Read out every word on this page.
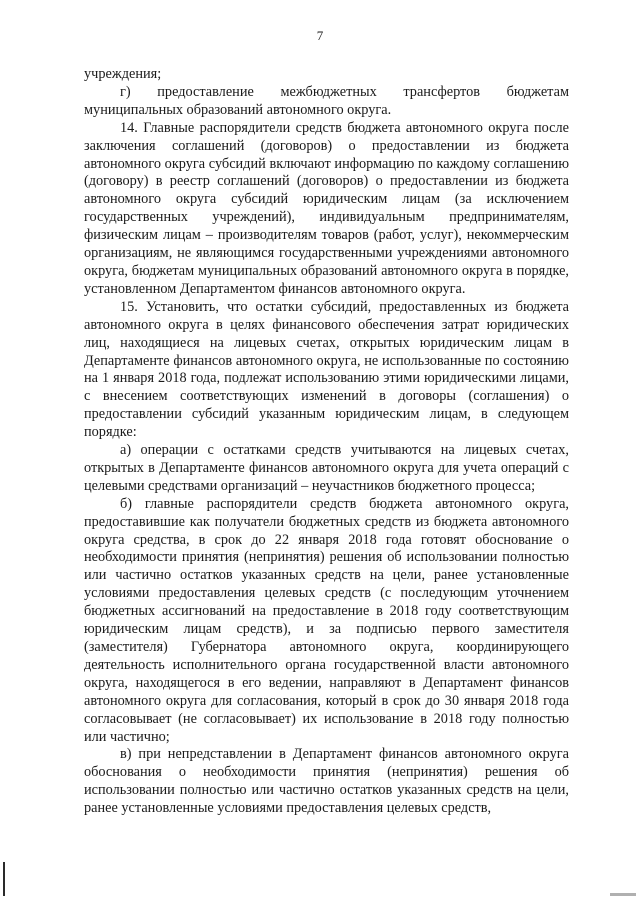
7

учреждения;

г) предоставление межбюджетных трансфертов бюджетам муниципальных образований автономного округа.

14. Главные распорядители средств бюджета автономного округа после заключения соглашений (договоров) о предоставлении из бюджета автономного округа субсидий включают информацию по каждому соглашению (договору) в реестр соглашений (договоров) о предоставлении из бюджета автономного округа субсидий юридическим лицам (за исключением государственных учреждений), индивидуальным предпринимателям, физическим лицам – производителям товаров (работ, услуг), некоммерческим организациям, не являющимся государственными учреждениями автономного округа, бюджетам муниципальных образований автономного округа в порядке, установленном Департаментом финансов автономного округа.

15. Установить, что остатки субсидий, предоставленных из бюджета автономного округа в целях финансового обеспечения затрат юридических лиц, находящиеся на лицевых счетах, открытых юридическим лицам в Департаменте финансов автономного округа, не использованные по состоянию на 1 января 2018 года, подлежат использованию этими юридическими лицами, с внесением соответствующих изменений в договоры (соглашения) о предоставлении субсидий указанным юридическим лицам, в следующем порядке:

а) операции с остатками средств учитываются на лицевых счетах, открытых в Департаменте финансов автономного округа для учета операций с целевыми средствами организаций – неучастников бюджетного процесса;

б) главные распорядители средств бюджета автономного округа, предоставившие как получатели бюджетных средств из бюджета автономного округа средства, в срок до 22 января 2018 года готовят обоснование о необходимости принятия (непринятия) решения об использовании полностью или частично остатков указанных средств на цели, ранее установленные условиями предоставления целевых средств (с последующим уточнением бюджетных ассигнований на предоставление в 2018 году соответствующим юридическим лицам средств), и за подписью первого заместителя (заместителя) Губернатора автономного округа, координирующего деятельность исполнительного органа государственной власти автономного округа, находящегося в его ведении, направляют в Департамент финансов автономного округа для согласования, который в срок до 30 января 2018 года согласовывает (не согласовывает) их использование в 2018 году полностью или частично;

в) при непредставлении в Департамент финансов автономного округа обоснования о необходимости принятия (непринятия) решения об использовании полностью или частично остатков указанных средств на цели, ранее установленные условиями предоставления целевых средств,
